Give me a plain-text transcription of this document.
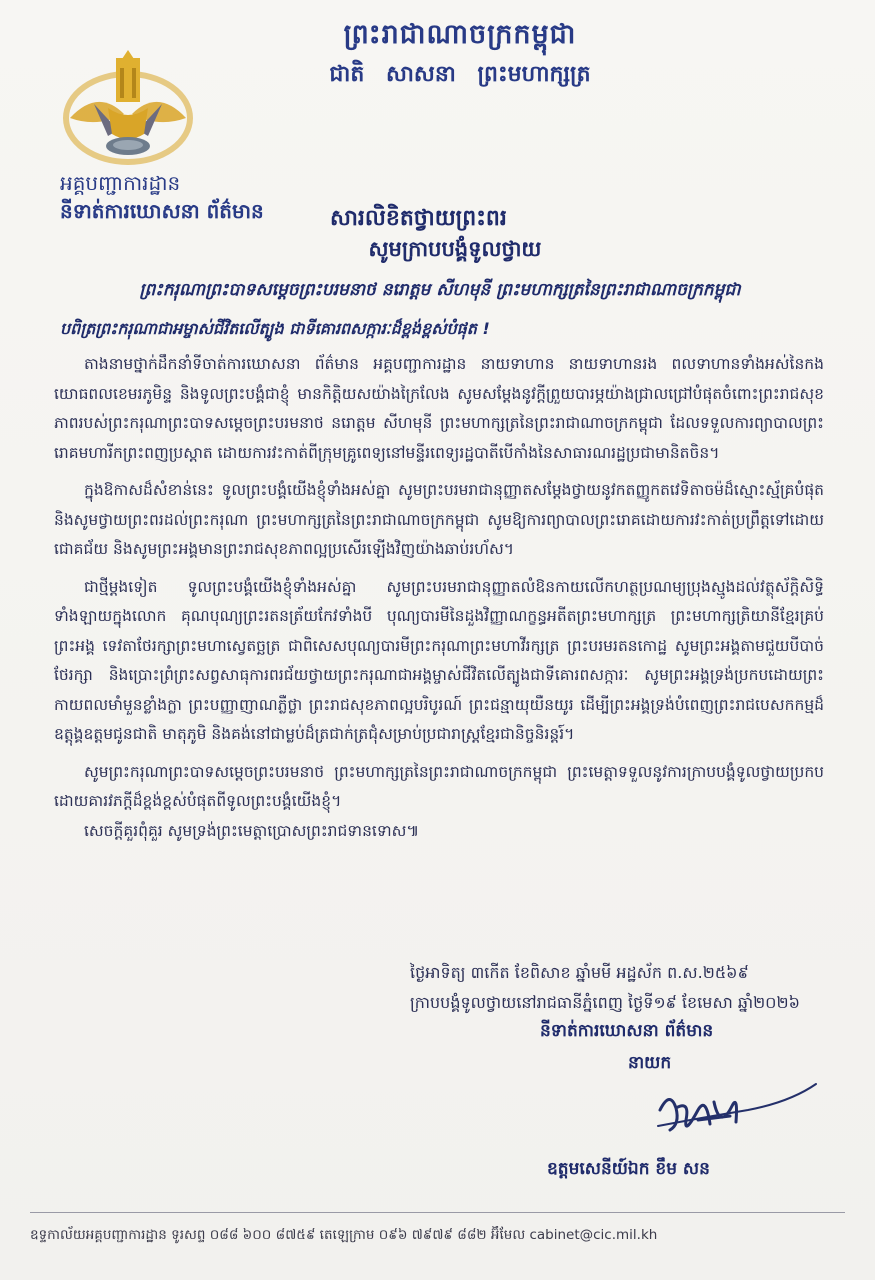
ព្រះរាជាណាចក្រកម្ពុជា
ជាតិ សាសនា ព្រះមហាក្សត្រ
អគ្គបញ្ជាការដ្ឋាន
នីទាត់ការឃោសនា ព័ត៌មាន	សារលិខិតថ្វាយព្រះពរ
សូមក្រាបបង្គំទូលថ្វាយ
ព្រះករុណាព្រះបាទសម្តេចព្រះបរមនាថ នរោត្តម សីហមុនី ព្រះមហាក្សត្រនៃព្រះរាជាណាចក្រកម្ពុជា
បពិត្រព្រះករុណាជាអម្ចាស់ជីវិតលើត្បូង ជាទីគោរពសក្ការៈដ៏ខ្ពង់ខ្ពស់បំផុត !

តាងនាមថ្នាក់ដឹកនាំទីចាត់ការឃោសនា ព័ត៌មាន អគ្គបញ្ជាការដ្ឋាន នាយទាហាន នាយទាហានរង ពលទាហានទាំងអស់នៃកងយោធពលខេមរភូមិន្ទ និងទូលព្រះបង្គំជាខ្ញុំ មានកិត្តិយសយ៉ាងក្រៃលែង សូមសម្តែងនូវក្តីព្រួយបារម្ភយ៉ាងជ្រាលជ្រៅបំផុតចំពោះព្រះរាជសុខភាពរបស់ព្រះករុណាព្រះបាទសម្តេចព្រះបរមនាថ នរោត្តម សីហមុនី ព្រះមហាក្សត្រនៃព្រះរាជាណាចក្រកម្ពុជា ដែលទទួលការព្យាបាលព្រះរោគមហារីកព្រះពញប្រស្តាត ដោយការវះកាត់ពីក្រុមគ្រូពេទ្យនៅមន្ទីរពេទ្យរដ្ឋបាតីបើកាំងនៃសាធារណរដ្ឋប្រជាមានិតចិន។

ក្នុងឱកាសដ៏សំខាន់នេះ ទូលព្រះបង្គំយើងខ្ញុំទាំងអស់គ្នា សូមព្រះបរមរាជានុញ្ញាតសម្តែងថ្វាយនូវកតញ្ញូកតវេទិតាចម៉ដ៏ស្មោះស្ម័គ្របំផុត និងសូមថ្វាយព្រះពរដល់ព្រះករុណា ព្រះមហាក្សត្រនៃព្រះរាជាណាចក្រកម្ពុជា សូមឱ្យការព្យាបាលព្រះរោគដោយការវះកាត់ប្រព្រឹត្តទៅដោយជោគជ័យ និងសូមព្រះអង្គមានព្រះរាជសុខភាពល្អប្រសើរឡើងវិញយ៉ាងឆាប់រហ័ស។

ជាថ្មីម្តងទៀត ទូលព្រះបង្គំយើងខ្ញុំទាំងអស់គ្នា សូមព្រះបរមរាជានុញ្ញាតលំឱនកាយលើកហត្ថប្រណម្យប្រុងស្មូងដល់វត្ថុស័ក្តិសិទ្ធិទាំងឡាយក្នុងលោក គុណបុណ្យព្រះរតនត្រ័យកែវទាំងបី បុណ្យបារមីនៃដួងវិញ្ញាណក្ខន្ធអតីតព្រះមហាក្សត្រ ព្រះមហាក្សត្រិយានីខ្មែរគ្រប់ព្រះអង្គ ទេវតាថែរក្សាព្រះមហាស្វេតច្ឆត្រ ជាពិសេសបុណ្យបារមីព្រះករុណាព្រះមហាវីរក្សត្រ ព្រះបរមរតនកោដ្ឋ សូមព្រះអង្គតាមជួយបីបាច់ថែរក្សា និងប្រោះព្រំព្រះសព្វសាធុការពរជ័យថ្វាយព្រះករុណាជាអង្គម្ចាស់ជីវិតលើត្បូងជាទីគោរពសក្ការៈ សូមព្រះអង្គទ្រង់ប្រកបដោយព្រះកាយពលមាំមួនខ្លាំងក្លា ព្រះបញ្ញាញាណភ្លឺថ្លា ព្រះរាជសុខភាពល្អបរិបូរណ៍ ព្រះជន្មាយុយឺនយូរ ដើម្បីព្រះអង្គទ្រង់បំពេញព្រះរាជបេសកកម្មដ៏ឧត្តុង្គឧត្តមជូនជាតិ មាតុភូមិ និងគង់នៅជាម្លប់ដ៏ត្រជាក់ត្រជុំសម្រាប់ប្រជារាស្ត្រខ្មែរជានិច្ចនិរន្តរ៍។

សូមព្រះករុណាព្រះបាទសម្តេចព្រះបរមនាថ ព្រះមហាក្សត្រនៃព្រះរាជាណាចក្រកម្ពុជា ព្រះមេត្តាទទួលនូវការក្រាបបង្គំទូលថ្វាយប្រកបដោយគារវភក្តីដ៏ខ្ពង់ខ្ពស់បំផុតពីទូលព្រះបង្គំយើងខ្ញុំ។

សេចក្តីគួរពុំគួរ សូមទ្រង់ព្រះមេត្តាប្រោសព្រះរាជទានទោស៕

ថ្ងៃអាទិត្យ ៣កើត ខែពិសាខ ឆ្នាំមមី អដ្ឋស័ក ព.ស.២៥៦៩
ក្រាបបង្គំទូលថ្វាយនៅរាជធានីភ្នំពេញ ថ្ងៃទី១៩ ខែមេសា ឆ្នាំ២០២៦
នីទាត់ការឃោសនា ព័ត៌មាន
នាយក
ឧត្តមសេនីយ៍ឯក ខឹម សន
ឧទ្ទកាល័យអគ្គបញ្ជាការដ្ឋាន ទូរសព្ទ ០៨៨ ៦០០ ៨៧៥៩ តេឡេក្រាម ០៩៦ ៧៩៧៩ ៨៨២ អ៊ីមែល cabinet@cic.mil.kh
